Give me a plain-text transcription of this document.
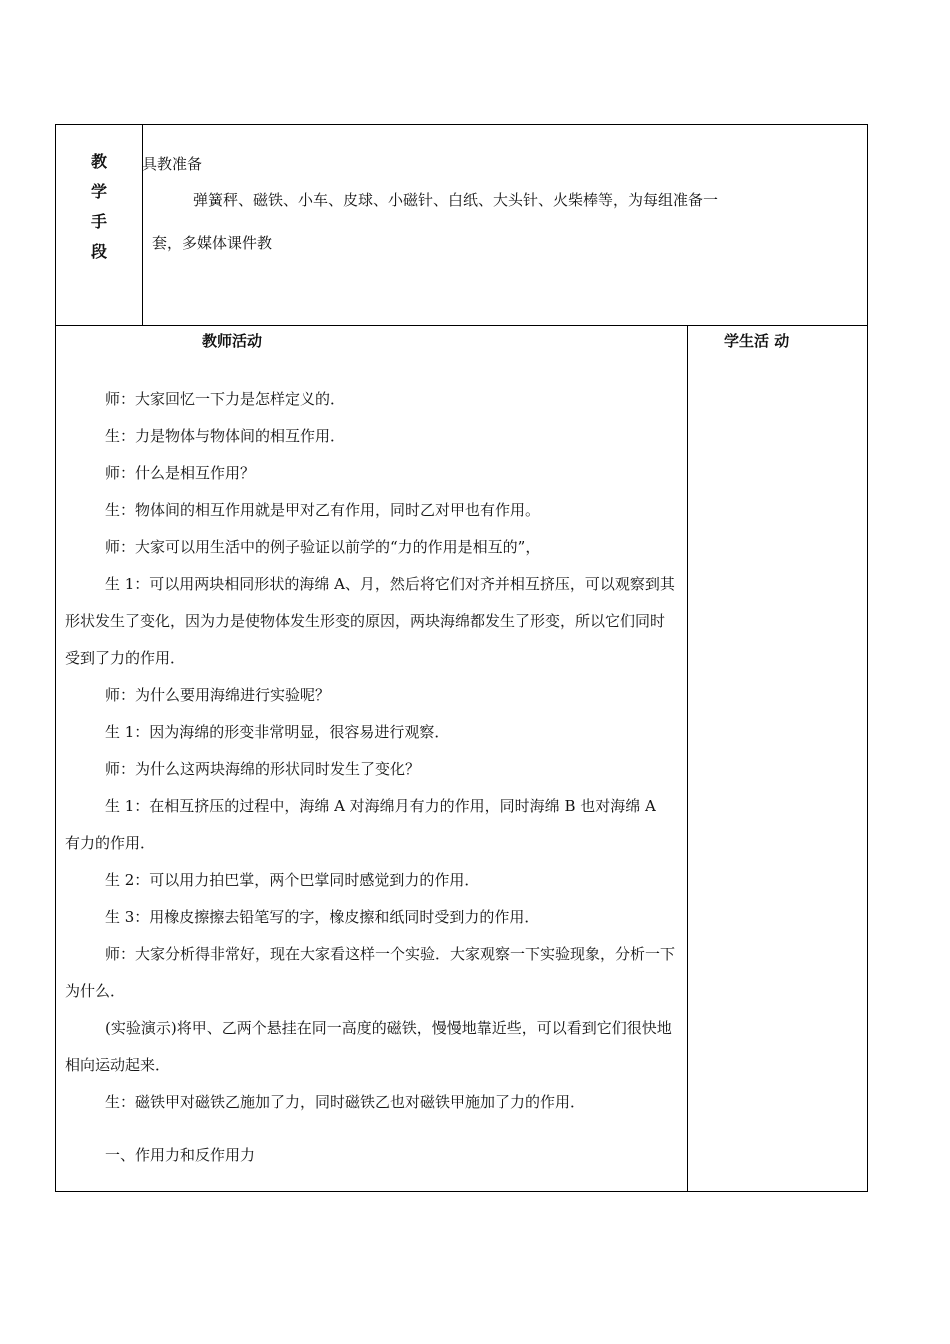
教
学
手
段
具教准备
弹簧秤、磁铁、小车、皮球、小磁针、白纸、大头针、火柴棒等，为每组准备一
套，多媒体课件教
教师活动	学生活 动

师：大家回忆一下力是怎样定义的．

生：力是物体与物体间的相互作用．

师：什么是相互作用？

生：物体间的相互作用就是甲对乙有作用，同时乙对甲也有作用。

师：大家可以用生活中的例子验证以前学的“力的作用是相互的”，

生 1：可以用两块相同形状的海绵 A、月，然后将它们对齐并相互挤压，可以观察到其形状发生了变化，因为力是使物体发生形变的原因，两块海绵都发生了形变，所以它们同时受到了力的作用．

师：为什么要用海绵进行实验呢？

生 1：因为海绵的形变非常明显，很容易进行观察．

师：为什么这两块海绵的形状同时发生了变化？

生 1：在相互挤压的过程中，海绵 A 对海绵月有力的作用，同时海绵 B 也对海绵 A 有力的作用．

生 2：可以用力拍巴掌，两个巴掌同时感觉到力的作用．

生 3：用橡皮擦擦去铅笔写的字，橡皮擦和纸同时受到力的作用．

师：大家分析得非常好，现在大家看这样一个实验．大家观察一下实验现象，分析一下为什么．

(实验演示)将甲、乙两个悬挂在同一高度的磁铁，慢慢地靠近些，可以看到它们很快地相向运动起来．

生：磁铁甲对磁铁乙施加了力，同时磁铁乙也对磁铁甲施加了力的作用．

一、作用力和反作用力
